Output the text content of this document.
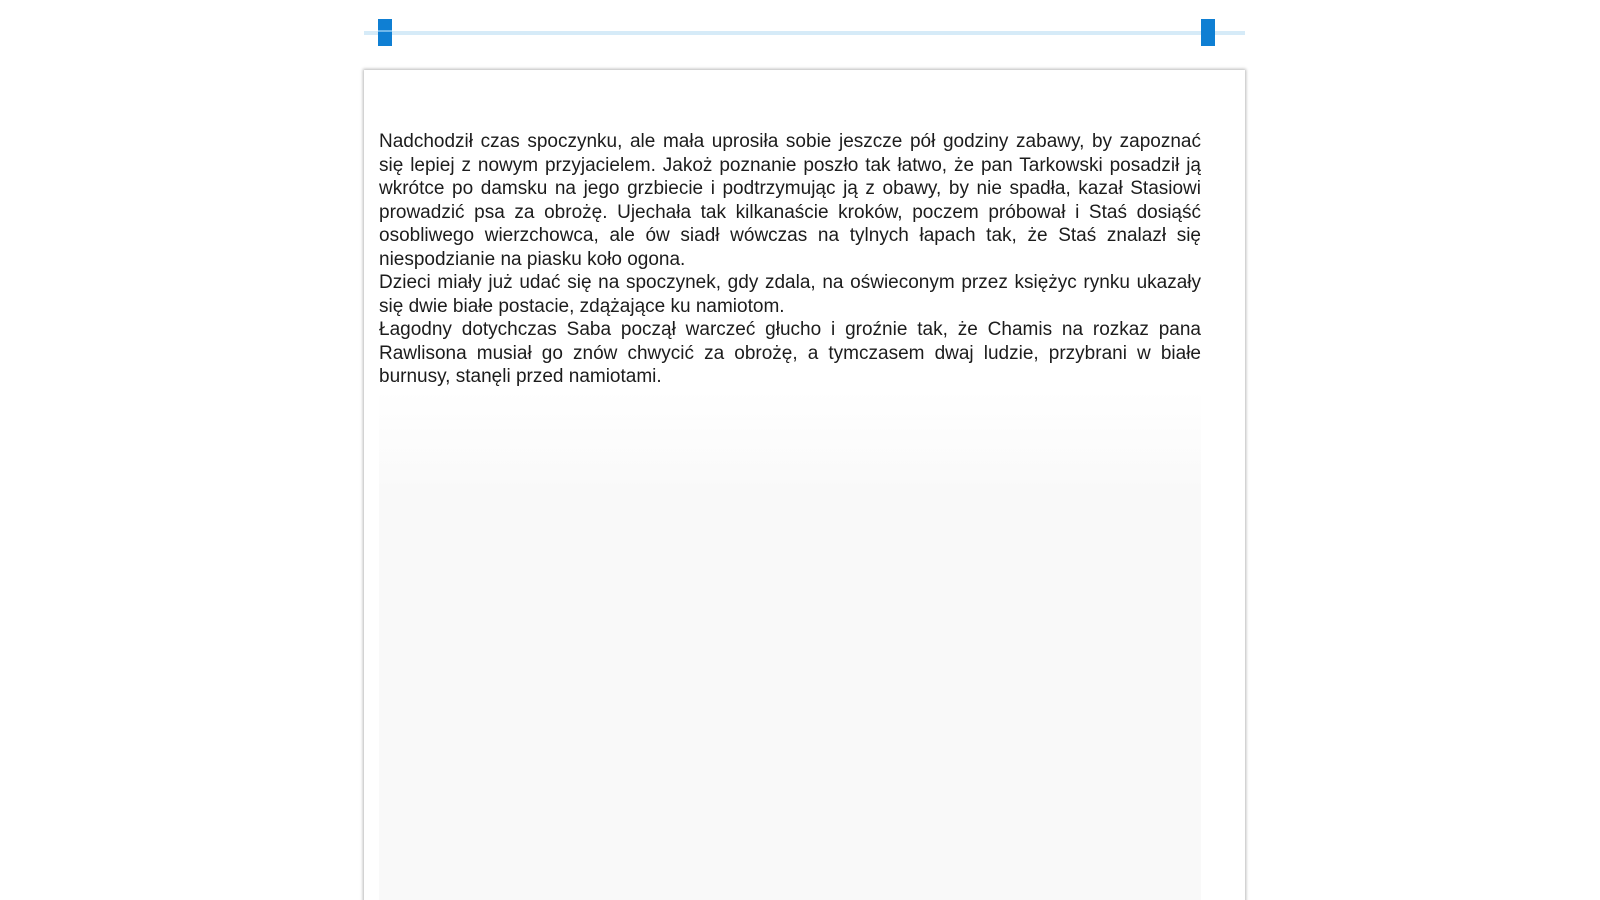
Nadchodził czas spoczynku, ale mała uprosiła sobie jeszcze pół godziny zabawy, by zapoznać się lepiej z nowym przyjacielem. Jakoż poznanie poszło tak łatwo, że pan Tarkowski posadził ją wkrótce po damsku na jego grzbiecie i podtrzymując ją z obawy, by nie spadła, kazał Stasiowi prowadzić psa za obrożę. Ujechała tak kilkanaście kroków, poczem próbował i Staś dosiąść osobliwego wierzchowca, ale ów siadł wówczas na tylnych łapach tak, że Staś znalazł się niespodzianie na piasku koło ogona.

Dzieci miały już udać się na spoczynek, gdy zdala, na oświeconym przez księżyc rynku ukazały się dwie białe postacie, zdążające ku namiotom.

Łagodny dotychczas Saba począł warczeć głucho i groźnie tak, że Chamis na rozkaz pana Rawlisona musiał go znów chwycić za obrożę, a tymczasem dwaj ludzie, przybrani w białe burnusy, stanęli przed namiotami.
